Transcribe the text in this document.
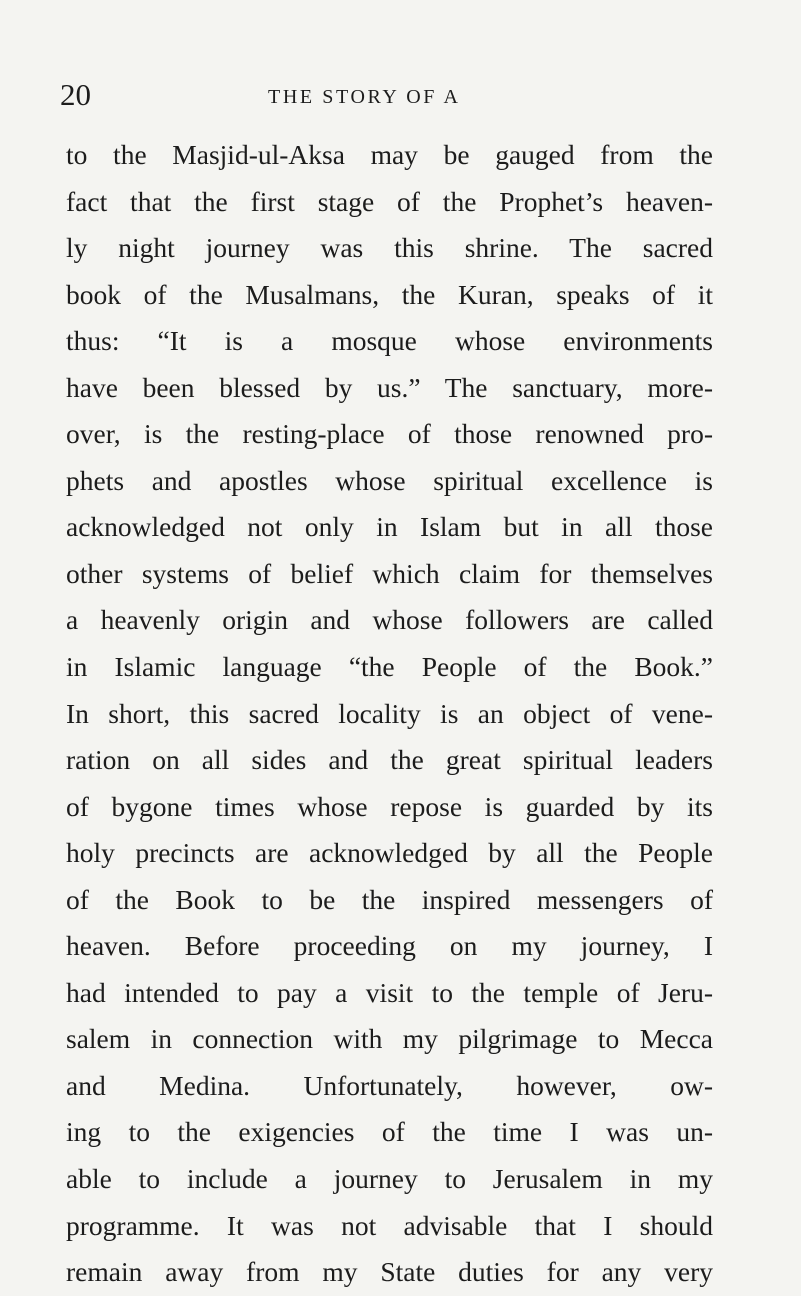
20	THE STORY OF A
to the Masjid-ul-Aksa may be gauged from the
fact that the first stage of the Prophet’s heaven-
ly night journey was this shrine. The sacred
book of the Musalmans, the Kuran, speaks of it
thus: “It is a mosque whose environments
have been blessed by us.” The sanctuary, more-
over, is the resting-place of those renowned pro-
phets and apostles whose spiritual excellence is
acknowledged not only in Islam but in all those
other systems of belief which claim for themselves
a heavenly origin and whose followers are called
in Islamic language “the People of the Book.”
In short, this sacred locality is an object of vene-
ration on all sides and the great spiritual leaders
of bygone times whose repose is guarded by its
holy precincts are acknowledged by all the People
of the Book to be the inspired messengers of
heaven. Before proceeding on my journey, I
had intended to pay a visit to the temple of Jeru-
salem in connection with my pilgrimage to Mecca
and Medina. Unfortunately, however, ow-
ing to the exigencies of the time I was un-
able to include a journey to Jerusalem in my
programme. It was not advisable that I should
remain away from my State duties for any very
